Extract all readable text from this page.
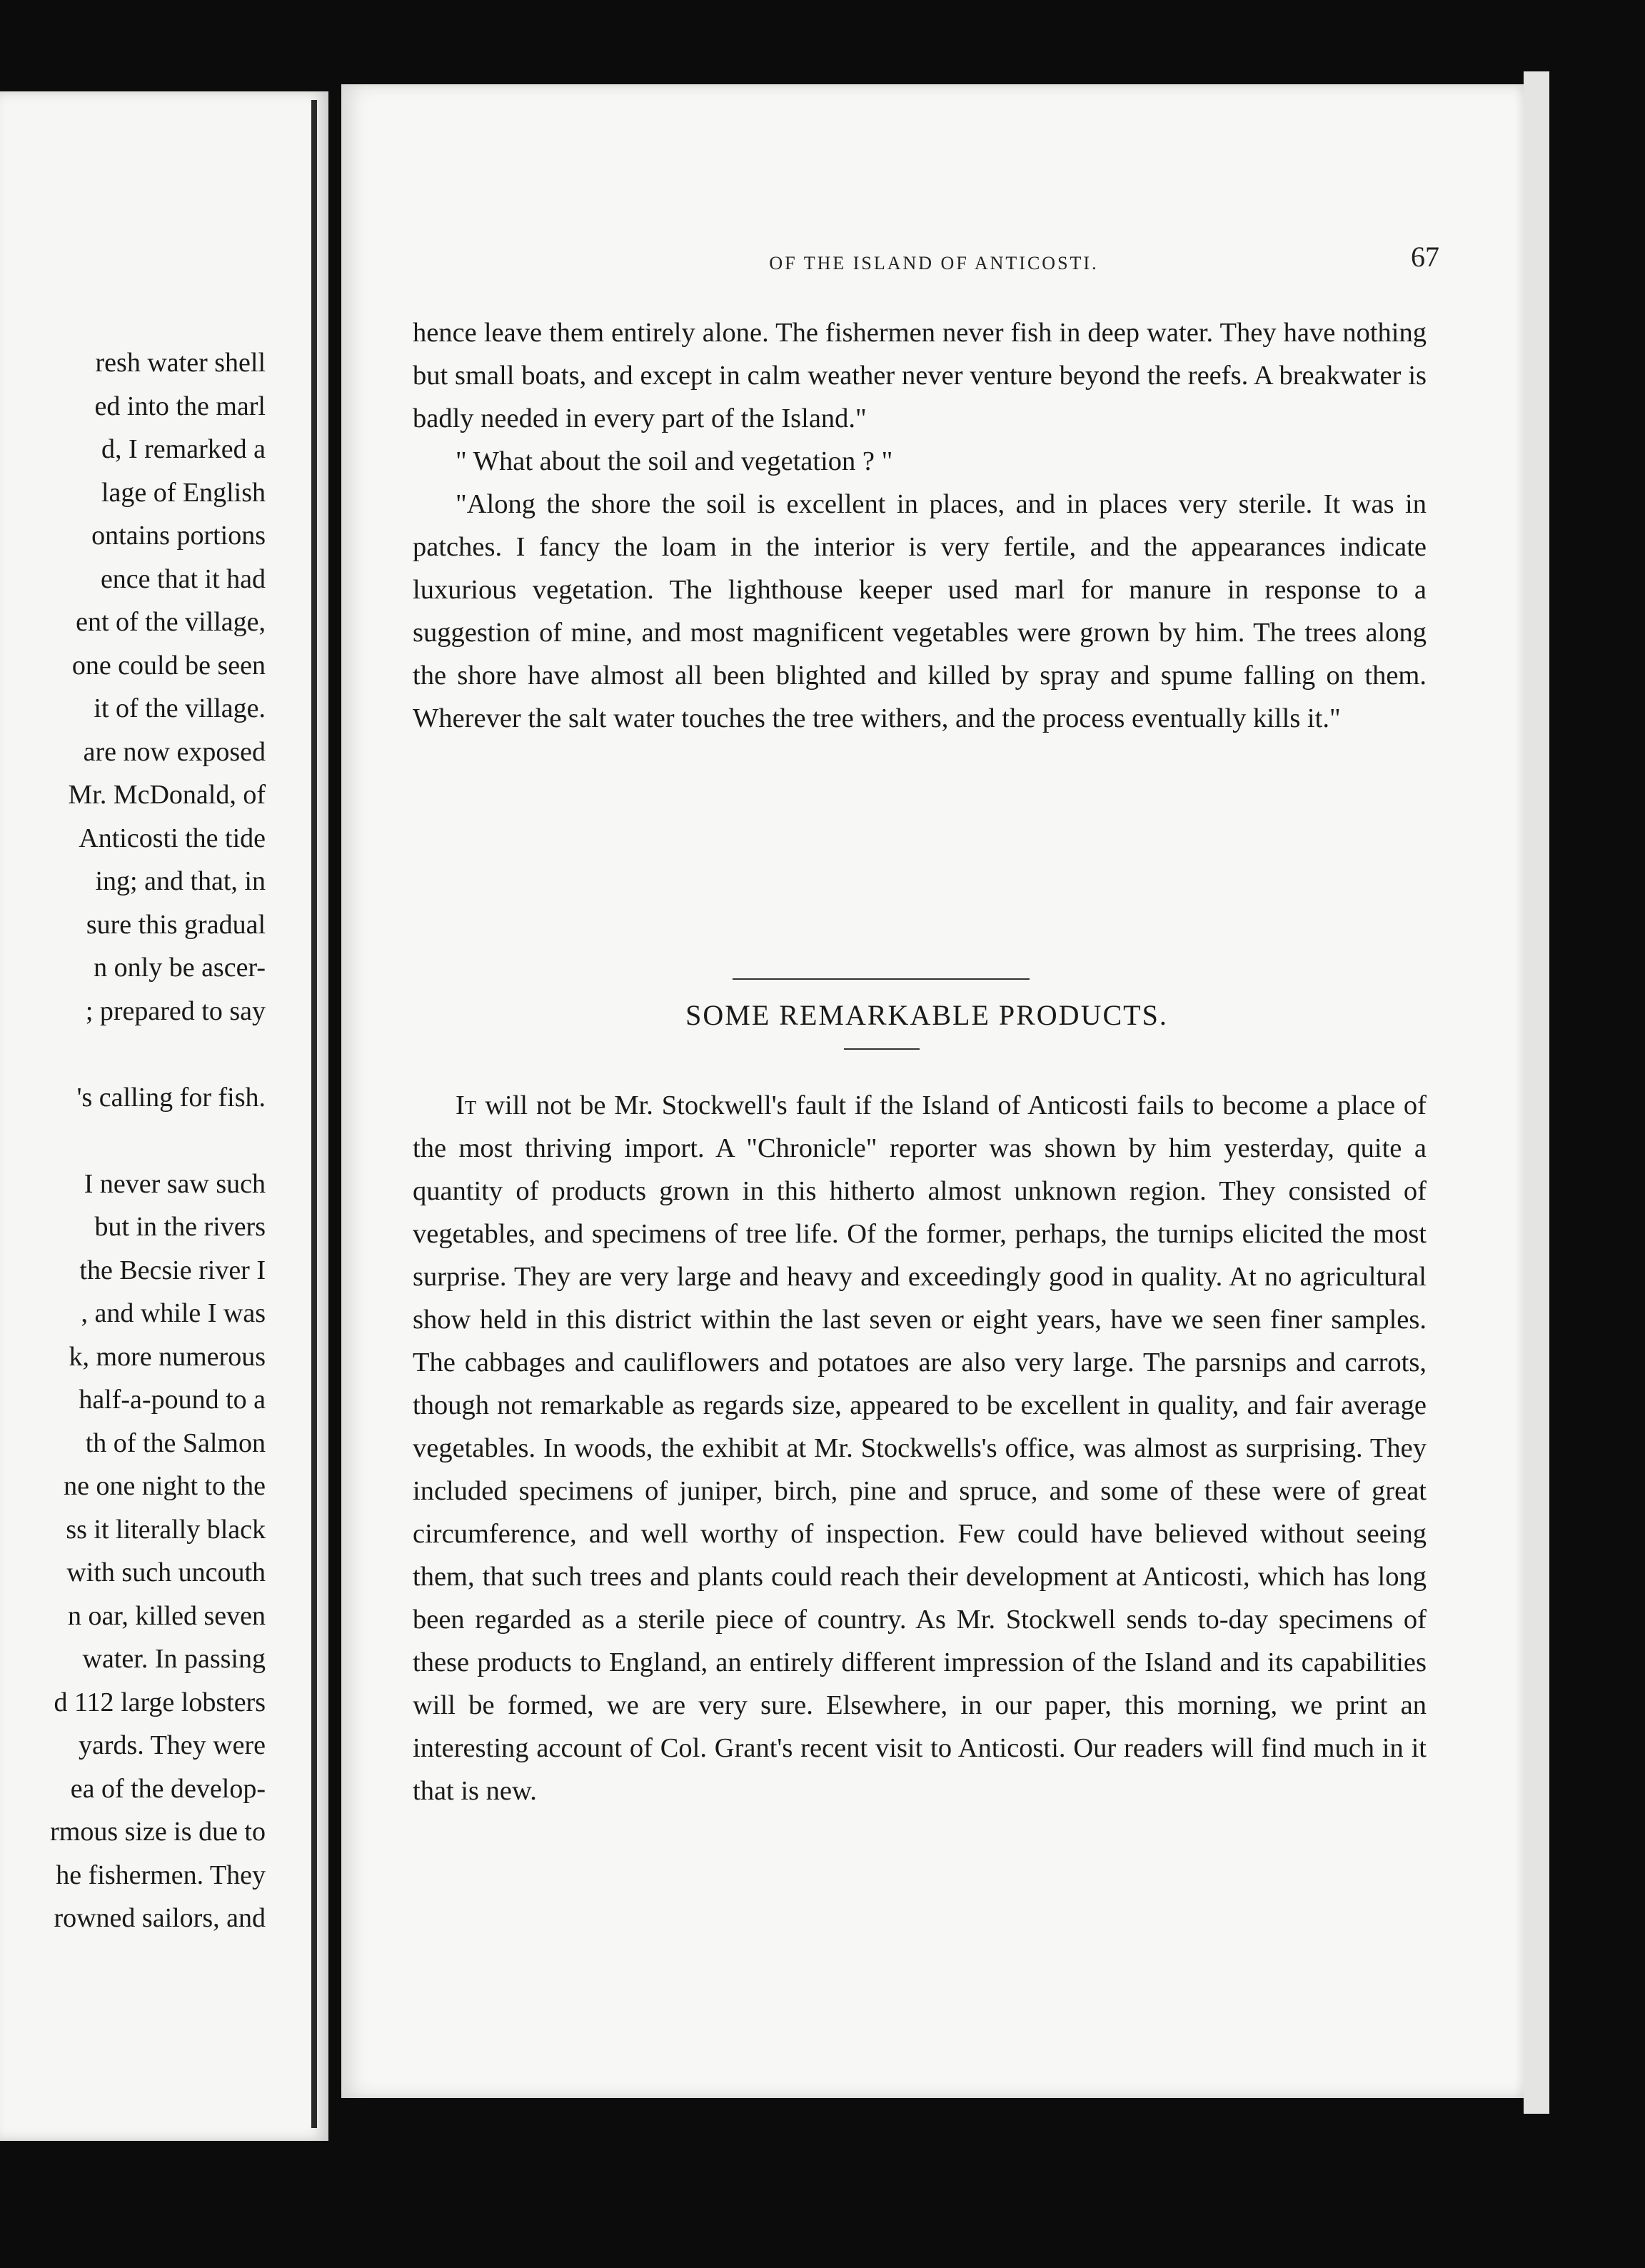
resh water shell
ed into the marl
d, I remarked a
lage of English
ontains portions
ence that it had
ent of the village,
one could be seen
it of the village.
are now exposed
Mr. McDonald, of
Anticosti the tide
ing; and that, in
sure this gradual
n only be ascer-
; prepared to say
's calling for fish.
I never saw such
but in the rivers
the Becsie river I
, and while I was
k, more numerous
half-a-pound to a
th of the Salmon
ne one night to the
ss it literally black
with such uncouth
n oar, killed seven
water. In passing
d 112 large lobsters
yards. They were
ea of the develop-
rmous size is due to
he fishermen. They
rowned sailors, and
OF THE ISLAND OF ANTICOSTI.	67

hence leave them entirely alone. The fishermen never fish in deep water. They have nothing but small boats, and except in calm weather never venture beyond the reefs. A breakwater is badly needed in every part of the Island."

" What about the soil and vegetation ? "

"Along the shore the soil is excellent in places, and in places very sterile. It was in patches. I fancy the loam in the interior is very fertile, and the appearances indicate luxurious vegetation. The lighthouse keeper used marl for manure in response to a suggestion of mine, and most magnificent vegetables were grown by him. The trees along the shore have almost all been blighted and killed by spray and spume falling on them. Wherever the salt water touches the tree withers, and the process eventually kills it."

SOME REMARKABLE PRODUCTS.

It will not be Mr. Stockwell's fault if the Island of Anticosti fails to become a place of the most thriving import. A "Chronicle" reporter was shown by him yesterday, quite a quantity of products grown in this hitherto almost unknown region. They consisted of vegetables, and specimens of tree life. Of the former, perhaps, the turnips elicited the most surprise. They are very large and heavy and exceedingly good in quality. At no agricultural show held in this district within the last seven or eight years, have we seen finer samples. The cabbages and cauliflowers and potatoes are also very large. The parsnips and carrots, though not remarkable as regards size, appeared to be excellent in quality, and fair average vegetables. In woods, the exhibit at Mr. Stockwells's office, was almost as surprising. They included specimens of juniper, birch, pine and spruce, and some of these were of great circumference, and well worthy of inspection. Few could have believed without seeing them, that such trees and plants could reach their development at Anticosti, which has long been regarded as a sterile piece of country. As Mr. Stockwell sends to-day specimens of these products to England, an entirely different impression of the Island and its capabilities will be formed, we are very sure. Elsewhere, in our paper, this morning, we print an interesting account of Col. Grant's recent visit to Anticosti. Our readers will find much in it that is new.
